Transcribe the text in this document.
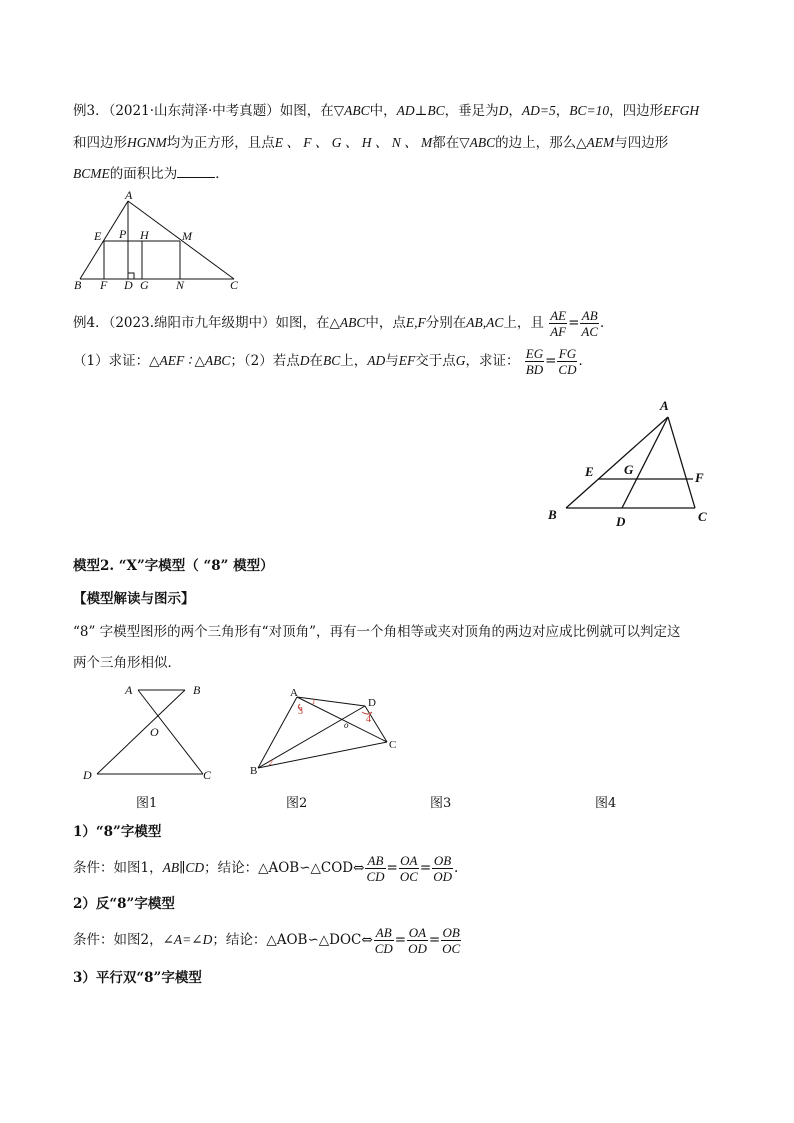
例3．（2021·山东菏泽·中考真题）如图，在▽ABC中，AD⊥BC，垂足为D，AD=5，BC=10，四边形EFGH
和四边形HGNM均为正方形，且点E 、 F 、 G 、 H 、 N 、 M都在▽ABC的边上，那么△AEM与四边形
BCME的面积比为	．
A
E P H	M
B F D G N	C
例4．（2023.绵阳市九年级期中）如图，在△ABC中，点E,F分别在AB,AC上，且 $\frac{AE}{AF} = \frac{AB}{AC}$ ．
（1）求证：△AEF ∶ △ABC；（2）若点D在BC上，AD与EF交于点G，求证： $\frac{EG}{BD} = \frac{FG}{CD}$ ．
A
E G
F
B	D	C
模型2. “X”字模型（ “8” 模型）
【模型解读与图示】
“8” 字模型图形的两个三角形有“对顶角”，再有一个角相等或夹对顶角的两边对应成比例就可以判定这
两个三角形相似．
A	B
O
D	C
A
D
B
C
3
4
o
1
2
图1	图2	图3	图4
1）“8”字模型
条件：如图1，AB∥CD；结论：△AOB∽△COD⇔ $\frac{AB}{CD} = \frac{OA}{OC} = \frac{OB}{OD}$ .
2）反“8”字模型
条件：如图2，∠A=∠D；结论：△AOB∽△DOC⇔ $\frac{AB}{CD} = \frac{OA}{OD} = \frac{OB}{OC}$
3）平行双“8”字模型
